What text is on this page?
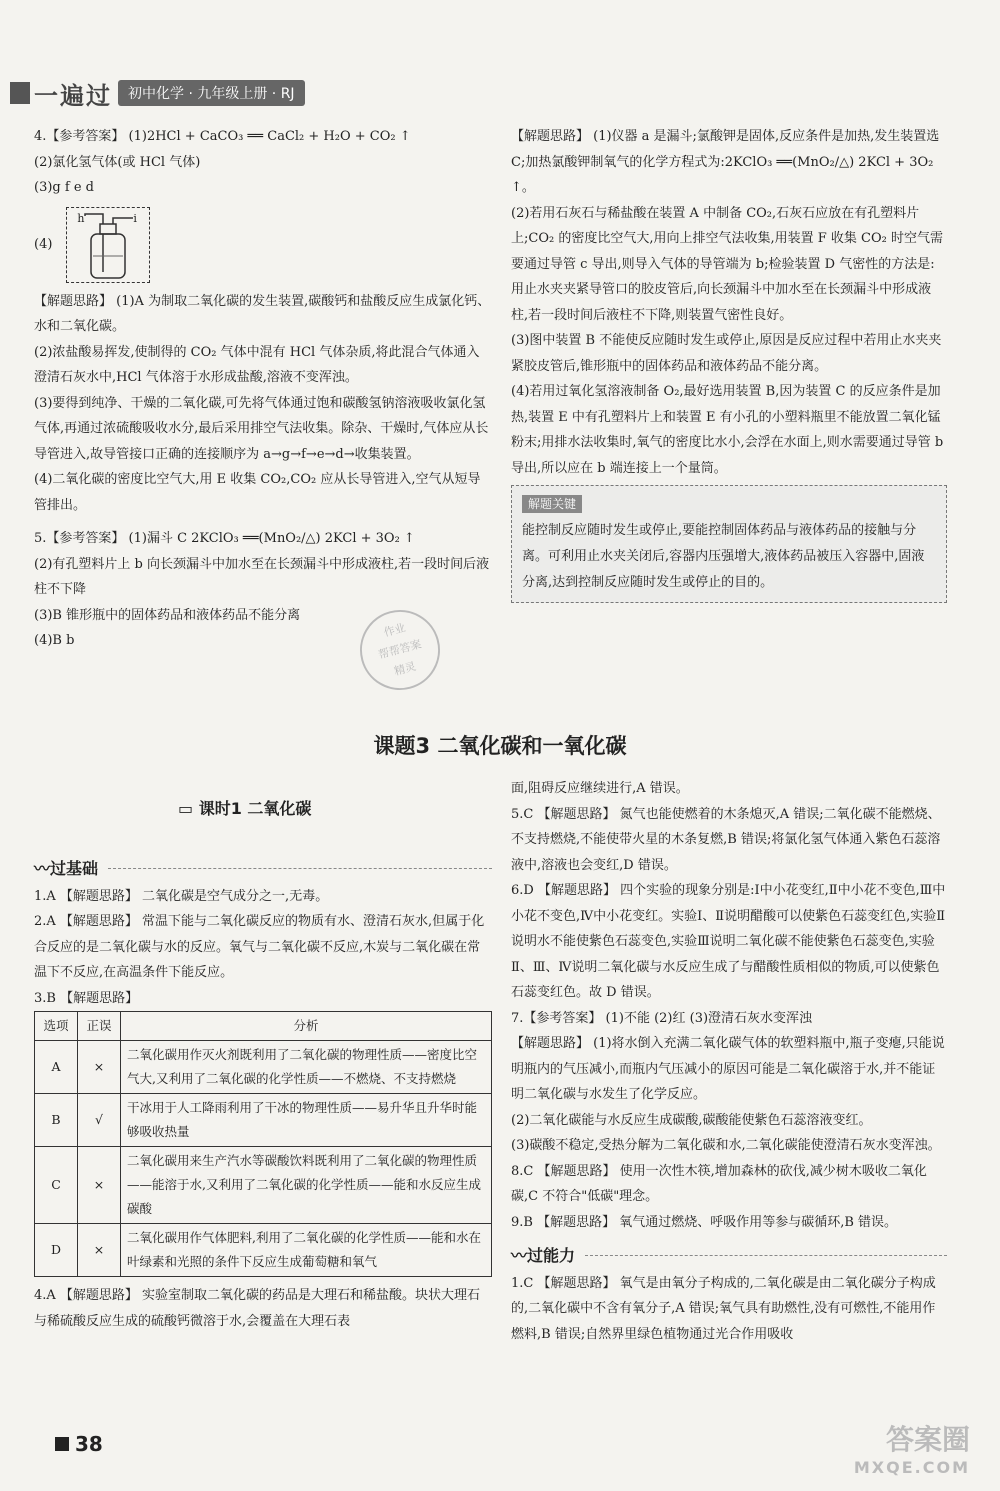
一遍过	初中化学 · 九年级上册 · RJ

4.【参考答案】 (1)2HCl + CaCO₃ ══ CaCl₂ + H₂O + CO₂ ↑

(2)氯化氢气体(或 HCl 气体)

(3)g f e d

(4)
h	i

【解题思路】 (1)A 为制取二氧化碳的发生装置,碳酸钙和盐酸反应生成氯化钙、水和二氧化碳。

(2)浓盐酸易挥发,使制得的 CO₂ 气体中混有 HCl 气体杂质,将此混合气体通入澄清石灰水中,HCl 气体溶于水形成盐酸,溶液不变浑浊。

(3)要得到纯净、干燥的二氧化碳,可先将气体通过饱和碳酸氢钠溶液吸收氯化氢气体,再通过浓硫酸吸收水分,最后采用排空气法收集。除杂、干燥时,气体应从长导管进入,故导管接口正确的连接顺序为 a→g→f→e→d→收集装置。

(4)二氧化碳的密度比空气大,用 E 收集 CO₂,CO₂ 应从长导管进入,空气从短导管排出。

5.【参考答案】 (1)漏斗 C 2KClO₃ ══(MnO₂/△) 2KCl + 3O₂ ↑

(2)有孔塑料片上 b 向长颈漏斗中加水至在长颈漏斗中形成液柱,若一段时间后液柱不下降

(3)B 锥形瓶中的固体药品和液体药品不能分离

(4)B b

作业
帮帮答案
精灵

【解题思路】 (1)仪器 a 是漏斗;氯酸钾是固体,反应条件是加热,发生装置选 C;加热氯酸钾制氧气的化学方程式为:2KClO₃ ══(MnO₂/△) 2KCl + 3O₂ ↑。

(2)若用石灰石与稀盐酸在装置 A 中制备 CO₂,石灰石应放在有孔塑料片上;CO₂ 的密度比空气大,用向上排空气法收集,用装置 F 收集 CO₂ 时空气需要通过导管 c 导出,则导入气体的导管端为 b;检验装置 D 气密性的方法是:用止水夹夹紧导管口的胶皮管后,向长颈漏斗中加水至在长颈漏斗中形成液柱,若一段时间后液柱不下降,则装置气密性良好。

(3)图中装置 B 不能使反应随时发生或停止,原因是反应过程中若用止水夹夹紧胶皮管后,锥形瓶中的固体药品和液体药品不能分离。

(4)若用过氧化氢溶液制备 O₂,最好选用装置 B,因为装置 C 的反应条件是加热,装置 E 中有孔塑料片上和装置 E 有小孔的小塑料瓶里不能放置二氧化锰粉末;用排水法收集时,氧气的密度比水小,会浮在水面上,则水需要通过导管 b 导出,所以应在 b 端连接上一个量筒。

解题关键
能控制反应随时发生或停止,要能控制固体药品与液体药品的接触与分离。可利用止水夹关闭后,容器内压强增大,液体药品被压入容器中,固液分离,达到控制反应随时发生或停止的目的。
课题3 二氧化碳和一氧化碳
▭ 课时1 二氧化碳
〰 过基础

1.A 【解题思路】 二氧化碳是空气成分之一,无毒。

2.A 【解题思路】 常温下能与二氧化碳反应的物质有水、澄清石灰水,但属于化合反应的是二氧化碳与水的反应。氧气与二氧化碳不反应,木炭与二氧化碳在常温下不反应,在高温条件下能反应。

3.B 【解题思路】

选项	正误	分析
A	×	二氧化碳用作灭火剂既利用了二氧化碳的物理性质——密度比空气大,又利用了二氧化碳的化学性质——不燃烧、不支持燃烧
B	√	干冰用于人工降雨利用了干冰的物理性质——易升华且升华时能够吸收热量
C	×	二氧化碳用来生产汽水等碳酸饮料既利用了二氧化碳的物理性质——能溶于水,又利用了二氧化碳的化学性质——能和水反应生成碳酸
D	×	二氧化碳用作气体肥料,利用了二氧化碳的化学性质——能和水在叶绿素和光照的条件下反应生成葡萄糖和氧气

4.A 【解题思路】 实验室制取二氧化碳的药品是大理石和稀盐酸。块状大理石与稀硫酸反应生成的硫酸钙微溶于水,会覆盖在大理石表

面,阻碍反应继续进行,A 错误。

5.C 【解题思路】 氮气也能使燃着的木条熄灭,A 错误;二氧化碳不能燃烧、不支持燃烧,不能使带火星的木条复燃,B 错误;将氯化氢气体通入紫色石蕊溶液中,溶液也会变红,D 错误。

6.D 【解题思路】 四个实验的现象分别是:Ⅰ中小花变红,Ⅱ中小花不变色,Ⅲ中小花不变色,Ⅳ中小花变红。实验Ⅰ、Ⅱ说明醋酸可以使紫色石蕊变红色,实验Ⅱ说明水不能使紫色石蕊变色,实验Ⅲ说明二氧化碳不能使紫色石蕊变色,实验Ⅱ、Ⅲ、Ⅳ说明二氧化碳与水反应生成了与醋酸性质相似的物质,可以使紫色石蕊变红色。故 D 错误。

7.【参考答案】 (1)不能 (2)红 (3)澄清石灰水变浑浊

【解题思路】 (1)将水倒入充满二氧化碳气体的软塑料瓶中,瓶子变瘪,只能说明瓶内的气压减小,而瓶内气压减小的原因可能是二氧化碳溶于水,并不能证明二氧化碳与水发生了化学反应。

(2)二氧化碳能与水反应生成碳酸,碳酸能使紫色石蕊溶液变红。

(3)碳酸不稳定,受热分解为二氧化碳和水,二氧化碳能使澄清石灰水变浑浊。

8.C 【解题思路】 使用一次性木筷,增加森林的砍伐,减少树木吸收二氧化碳,C 不符合"低碳"理念。

9.B 【解题思路】 氧气通过燃烧、呼吸作用等参与碳循环,B 错误。

〰 过能力

1.C 【解题思路】 氧气是由氧分子构成的,二氧化碳是由二氧化碳分子构成的,二氧化碳中不含有氧分子,A 错误;氧气具有助燃性,没有可燃性,不能用作燃料,B 错误;自然界里绿色植物通过光合作用吸收

38	答案圈
MXQE.COM
